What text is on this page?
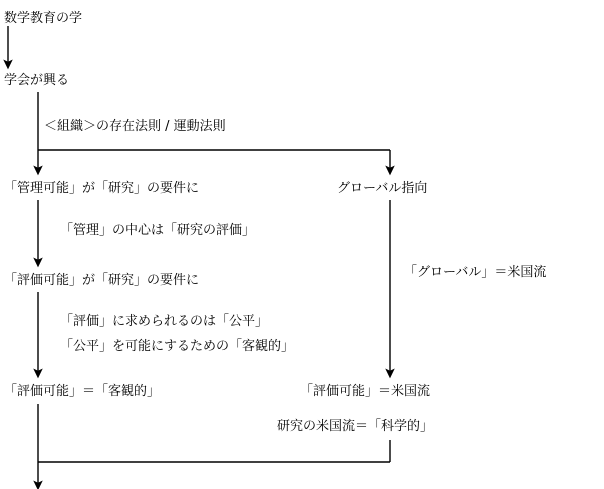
数学教育の学
学会が興る
＜組織＞の存在法則 / 運動法則
「管理可能」が「研究」の要件に	グローバル指向
「管理」の中心は「研究の評価」
「評価可能」が「研究」の要件に
「グローバル」＝米国流
「評価」に求められるのは「公平」
「公平」を可能にするための「客観的」
「評価可能」＝「客観的」	「評価可能」＝米国流
研究の米国流＝「科学的」
